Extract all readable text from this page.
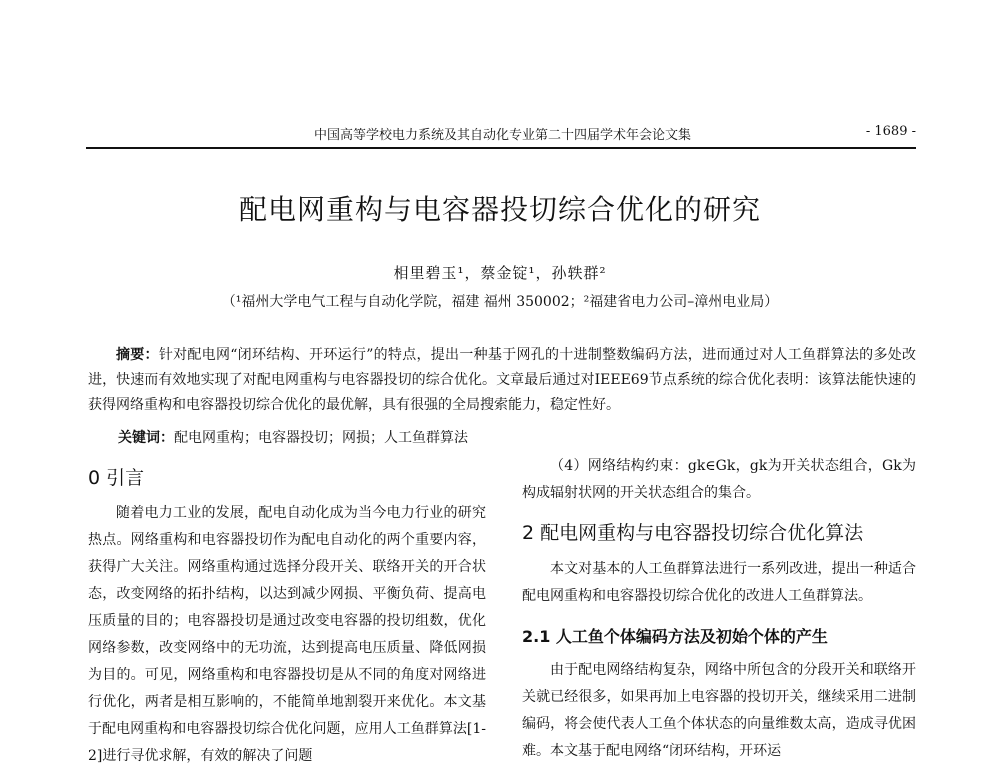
中国高等学校电力系统及其自动化专业第二十四届学术年会论文集	- 1689 -
配电网重构与电容器投切综合优化的研究
相里碧玉¹，蔡金锭¹，孙轶群²
（¹福州大学电气工程与自动化学院，福建 福州 350002；²福建省电力公司–漳州电业局）
摘要：针对配电网“闭环结构、开环运行”的特点，提出一种基于网孔的十进制整数编码方法，进而通过对人工鱼群算法的多处改进，快速而有效地实现了对配电网重构与电容器投切的综合优化。文章最后通过对IEEE69节点系统的综合优化表明：该算法能快速的获得网络重构和电容器投切综合优化的最优解，具有很强的全局搜索能力，稳定性好。
关键词：配电网重构；电容器投切；网损；人工鱼群算法
0 引言

随着电力工业的发展，配电自动化成为当今电力行业的研究热点。网络重构和电容器投切作为配电自动化的两个重要内容，获得广大关注。网络重构通过选择分段开关、联络开关的开合状态，改变网络的拓扑结构，以达到减少网损、平衡负荷、提高电压质量的目的；电容器投切是通过改变电容器的投切组数，优化网络参数，改变网络中的无功流，达到提高电压质量、降低网损为目的。可见，网络重构和电容器投切是从不同的角度对网络进行优化，两者是相互影响的，不能简单地割裂开来优化。本文基于配电网重构和电容器投切综合优化问题，应用人工鱼群算法[1-2]进行寻优求解，有效的解决了问题

（4）网络结构约束：gk∈Gk，gk为开关状态组合，Gk为构成辐射状网的开关状态组合的集合。

2 配电网重构与电容器投切综合优化算法

本文对基本的人工鱼群算法进行一系列改进，提出一种适合配电网重构和电容器投切综合优化的改进人工鱼群算法。

2.1 人工鱼个体编码方法及初始个体的产生

由于配电网络结构复杂，网络中所包含的分段开关和联络开关就已经很多，如果再加上电容器的投切开关，继续采用二进制编码，将会使代表人工鱼个体状态的向量维数太高，造成寻优困难。本文基于配电网络“闭环结构，开环运
